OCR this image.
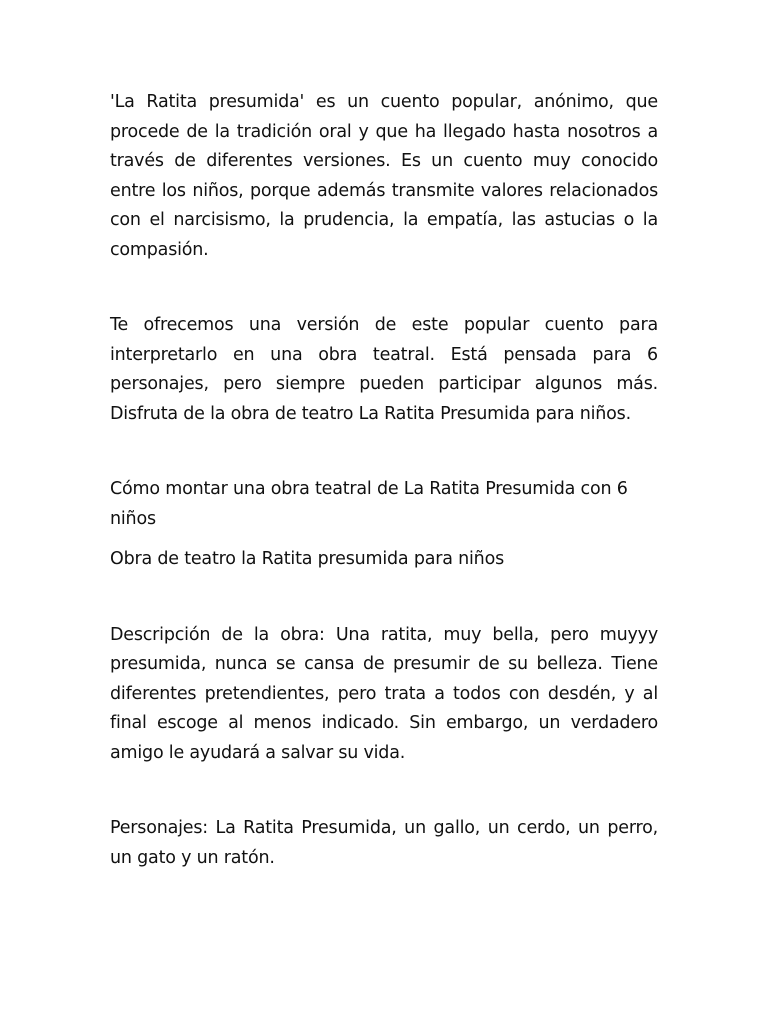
'La Ratita presumida' es un cuento popular, anónimo, que procede de la tradición oral y que ha llegado hasta nosotros a través de diferentes versiones. Es un cuento muy conocido entre los niños, porque además transmite valores relacionados con el narcisismo, la prudencia, la empatía, las astucias o la compasión.

Te ofrecemos una versión de este popular cuento para interpretarlo en una obra teatral. Está pensada para 6 personajes, pero siempre pueden participar algunos más. Disfruta de la obra de teatro La Ratita Presumida para niños.

Cómo montar una obra teatral de La Ratita Presumida con 6 niños

Obra de teatro la Ratita presumida para niños

Descripción de la obra: Una ratita, muy bella, pero muyyy presumida, nunca se cansa de presumir de su belleza. Tiene diferentes pretendientes, pero trata a todos con desdén, y al final escoge al menos indicado. Sin embargo, un verdadero amigo le ayudará a salvar su vida.

Personajes: La Ratita Presumida, un gallo, un cerdo, un perro, un gato y un ratón.
